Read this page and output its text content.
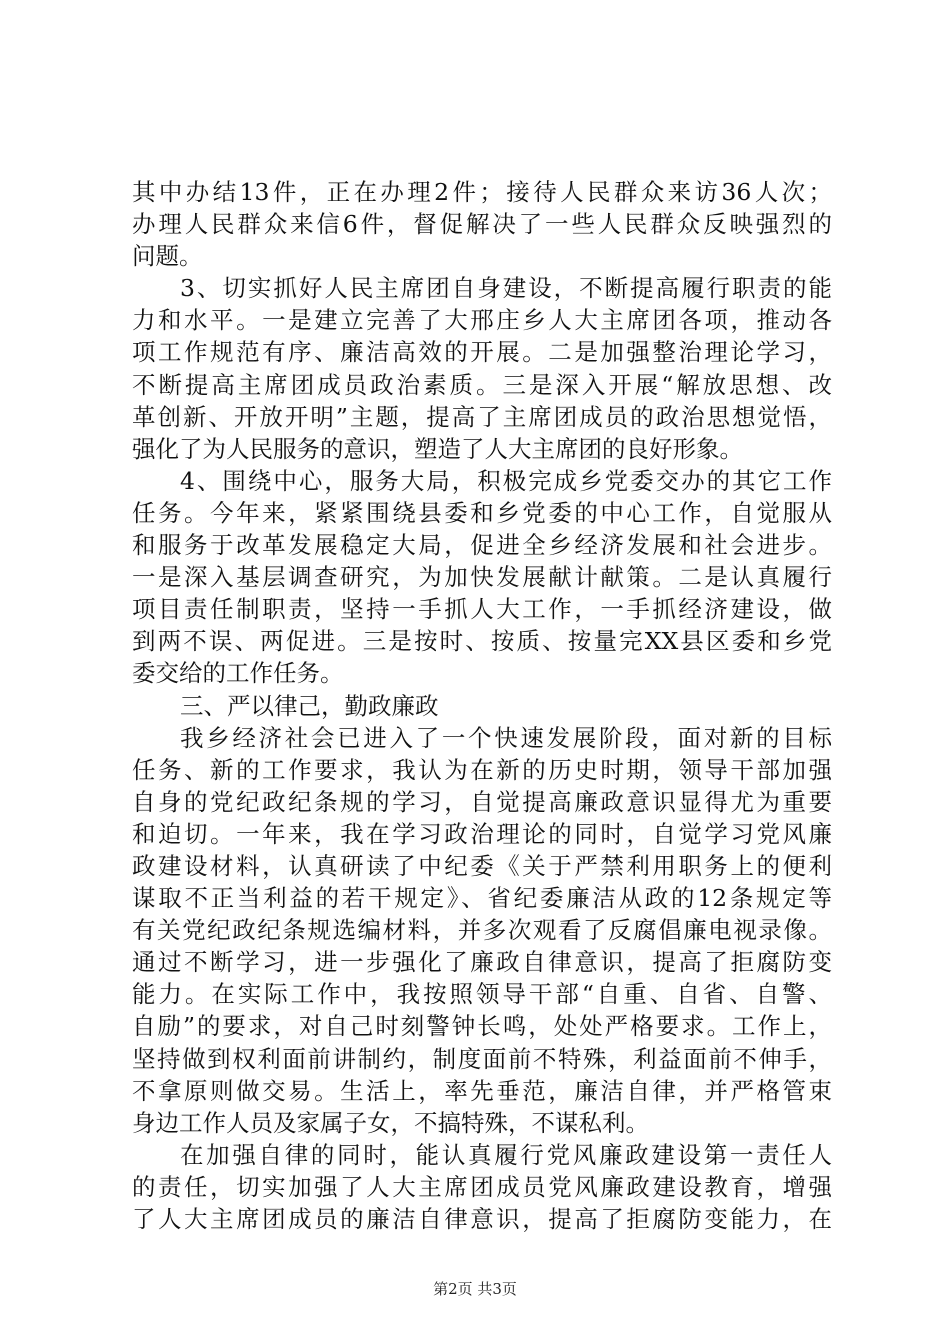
其中办结13件，正在办理2件；接待人民群众来访36人次；
办理人民群众来信6件，督促解决了一些人民群众反映强烈的
问题。
3、切实抓好人民主席团自身建设，不断提高履行职责的能
力和水平。一是建立完善了大邢庄乡人大主席团各项，推动各
项工作规范有序、廉洁高效的开展。二是加强整治理论学习，
不断提高主席团成员政治素质。三是深入开展“解放思想、改
革创新、开放开明”主题，提高了主席团成员的政治思想觉悟，
强化了为人民服务的意识，塑造了人大主席团的良好形象。
4、围绕中心，服务大局，积极完成乡党委交办的其它工作
任务。今年来，紧紧围绕县委和乡党委的中心工作，自觉服从
和服务于改革发展稳定大局，促进全乡经济发展和社会进步。
一是深入基层调查研究，为加快发展献计献策。二是认真履行
项目责任制职责，坚持一手抓人大工作，一手抓经济建设，做
到两不误、两促进。三是按时、按质、按量完XX县区委和乡党
委交给的工作任务。
三、严以律己，勤政廉政
我乡经济社会已进入了一个快速发展阶段，面对新的目标
任务、新的工作要求，我认为在新的历史时期，领导干部加强
自身的党纪政纪条规的学习，自觉提高廉政意识显得尤为重要
和迫切。一年来，我在学习政治理论的同时，自觉学习党风廉
政建设材料，认真研读了中纪委《关于严禁利用职务上的便利
谋取不正当利益的若干规定》、省纪委廉洁从政的12条规定等
有关党纪政纪条规选编材料，并多次观看了反腐倡廉电视录像。
通过不断学习，进一步强化了廉政自律意识，提高了拒腐防变
能力。在实际工作中，我按照领导干部“自重、自省、自警、
自励”的要求，对自己时刻警钟长鸣，处处严格要求。工作上，
坚持做到权利面前讲制约，制度面前不特殊，利益面前不伸手，
不拿原则做交易。生活上，率先垂范，廉洁自律，并严格管束
身边工作人员及家属子女，不搞特殊，不谋私利。
在加强自律的同时，能认真履行党风廉政建设第一责任人
的责任，切实加强了人大主席团成员党风廉政建设教育，增强
了人大主席团成员的廉洁自律意识，提高了拒腐防变能力，在
第2页 共3页
